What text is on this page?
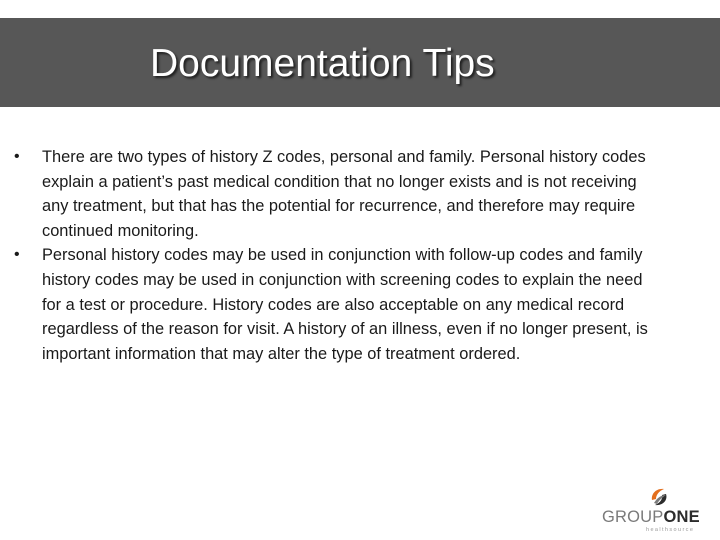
Documentation Tips
•	There are two types of history Z codes, personal and family. Personal history codes explain a patient’s past medical condition that no longer exists and is not receiving any treatment, but that has the potential for recurrence, and therefore may require continued monitoring.
•	Personal history codes may be used in conjunction with follow-up codes and family history codes may be used in conjunction with screening codes to explain the need for a test or procedure. History codes are also acceptable on any medical record regardless of the reason for visit. A history of an illness, even if no longer present, is important information that may alter the type of treatment ordered.
GROUPONE
healthsource
